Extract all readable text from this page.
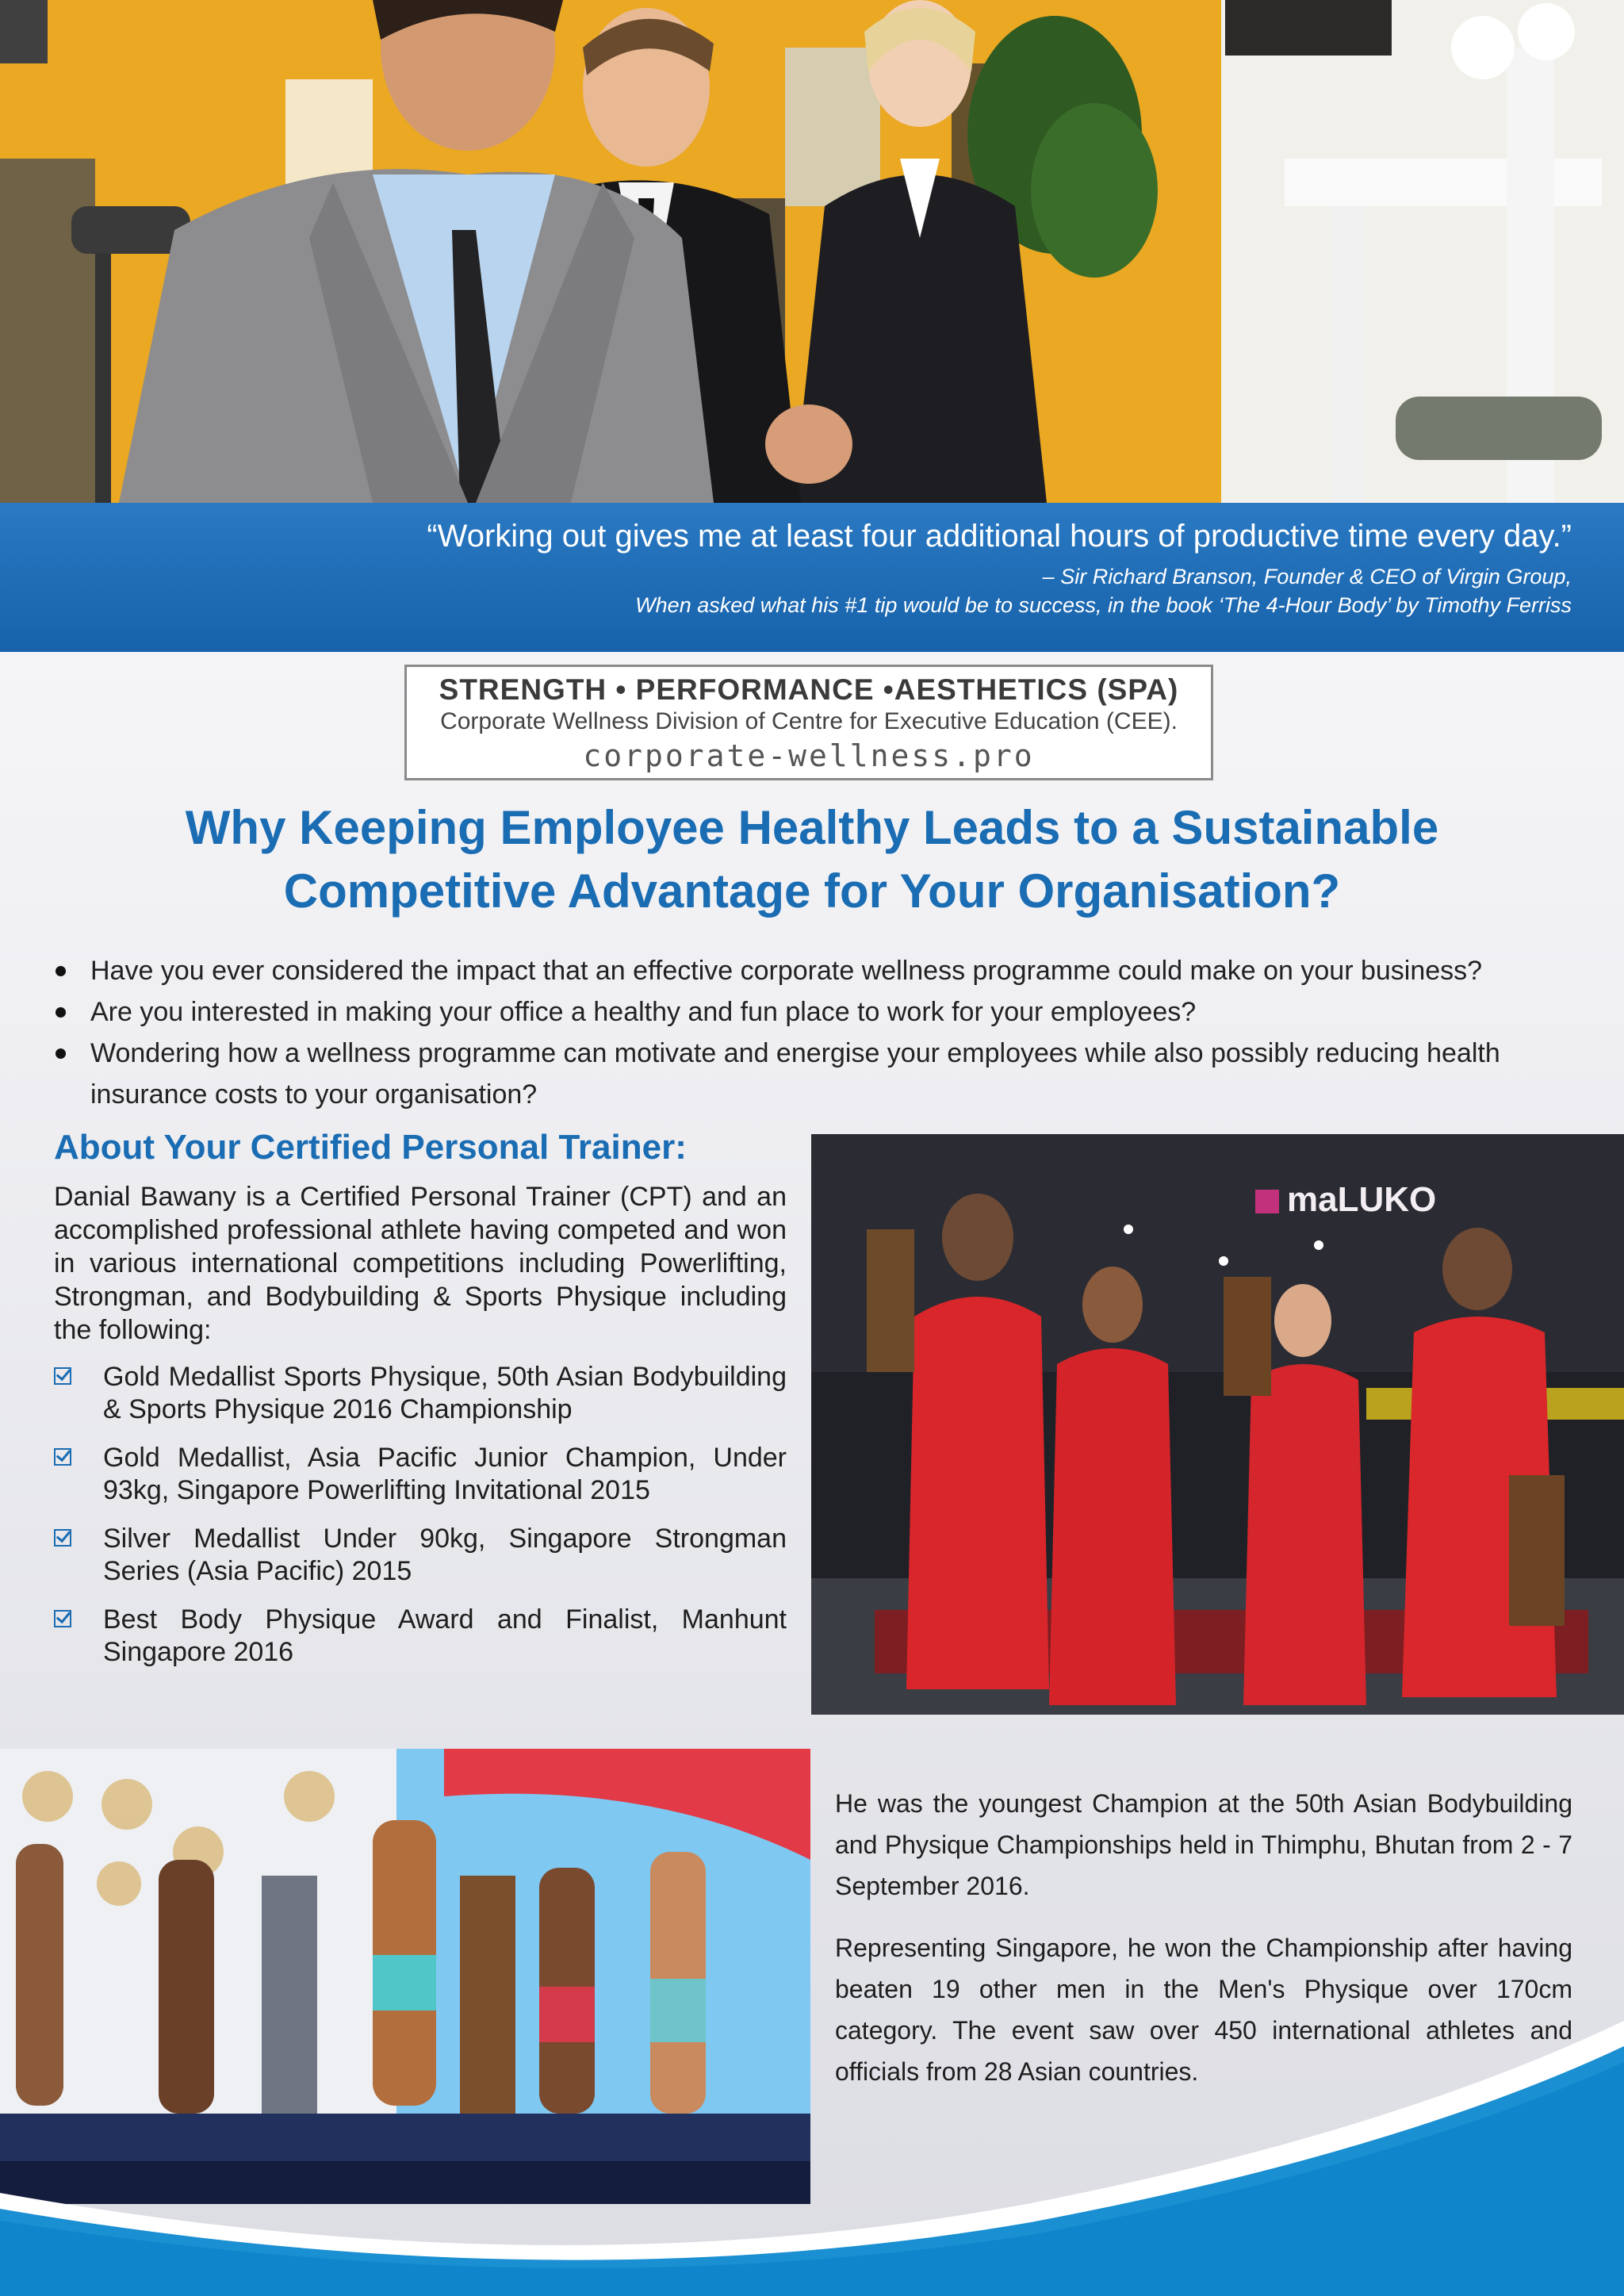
“Working out gives me at least four additional hours of productive time every day.”
– Sir Richard Branson, Founder & CEO of Virgin Group,
When asked what his #1 tip would be to success, in the book ‘The 4-Hour Body’ by Timothy Ferriss
STRENGTH • PERFORMANCE •AESTHETICS (SPA)
Corporate Wellness Division of Centre for Executive Education (CEE).
corporate-wellness.pro
Why Keeping Employee Healthy Leads to a Sustainable
Competitive Advantage for Your Organisation?
Have you ever considered the impact that an effective corporate wellness programme could make on your business?
Are you interested in making your office a healthy and fun place to work for your employees?
Wondering how a wellness programme can motivate and energise your employees while also possibly reducing health insurance costs to your organisation?
About Your Certified Personal Trainer:
Danial Bawany is a Certified Personal Trainer (CPT) and an accomplished professional athlete having competed and won in various international competitions including Powerlifting, Strongman, and Bodybuilding & Sports Physique including the following:
Gold Medallist Sports Physique, 50th Asian Bodybuilding & Sports Physique 2016 Championship
Gold Medallist, Asia Pacific Junior Champion, Under 93kg, Singapore Powerlifting Invitational 2015
Silver Medallist Under 90kg, Singapore Strongman Series (Asia Pacific) 2015
Best Body Physique Award and Finalist, Manhunt Singapore 2016
maLUKO

He was the youngest Champion at the 50th Asian Bodybuilding and Physique Championships held in Thimphu, Bhutan from 2 - 7 September 2016.

Representing Singapore, he won the Championship after having beaten 19 other men in the Men's Physique over 170cm category. The event saw over 450 international athletes and officials from 28 Asian countries.
